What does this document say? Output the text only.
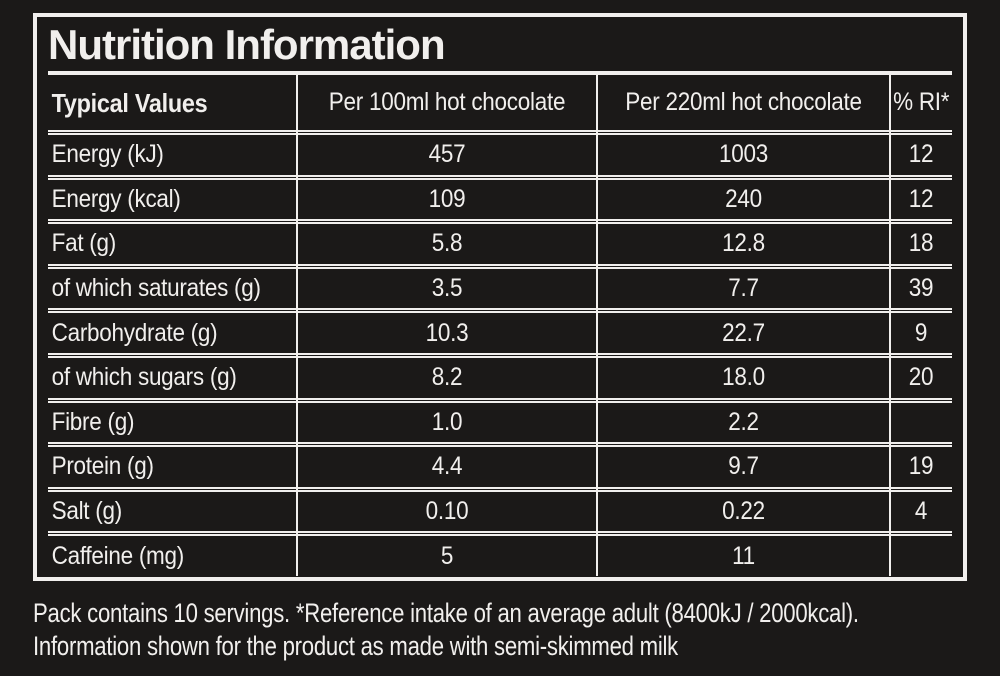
Nutrition Information
Typical Values	Per 100ml hot chocolate	Per 220ml hot chocolate	% RI*
Energy (kJ)	457	1003	12
Energy (kcal)	109	240	12
Fat (g)	5.8	12.8	18
of which saturates (g)	3.5	7.7	39
Carbohydrate (g)	10.3	22.7	9
of which sugars (g)	8.2	18.0	20
Fibre (g)	1.0	2.2
Protein (g)	4.4	9.7	19
Salt (g)	0.10	0.22	4
Caffeine (mg)	5	11
Pack contains 10 servings. *Reference intake of an average adult (8400kJ / 2000kcal).
Information shown for the product as made with semi-skimmed milk
